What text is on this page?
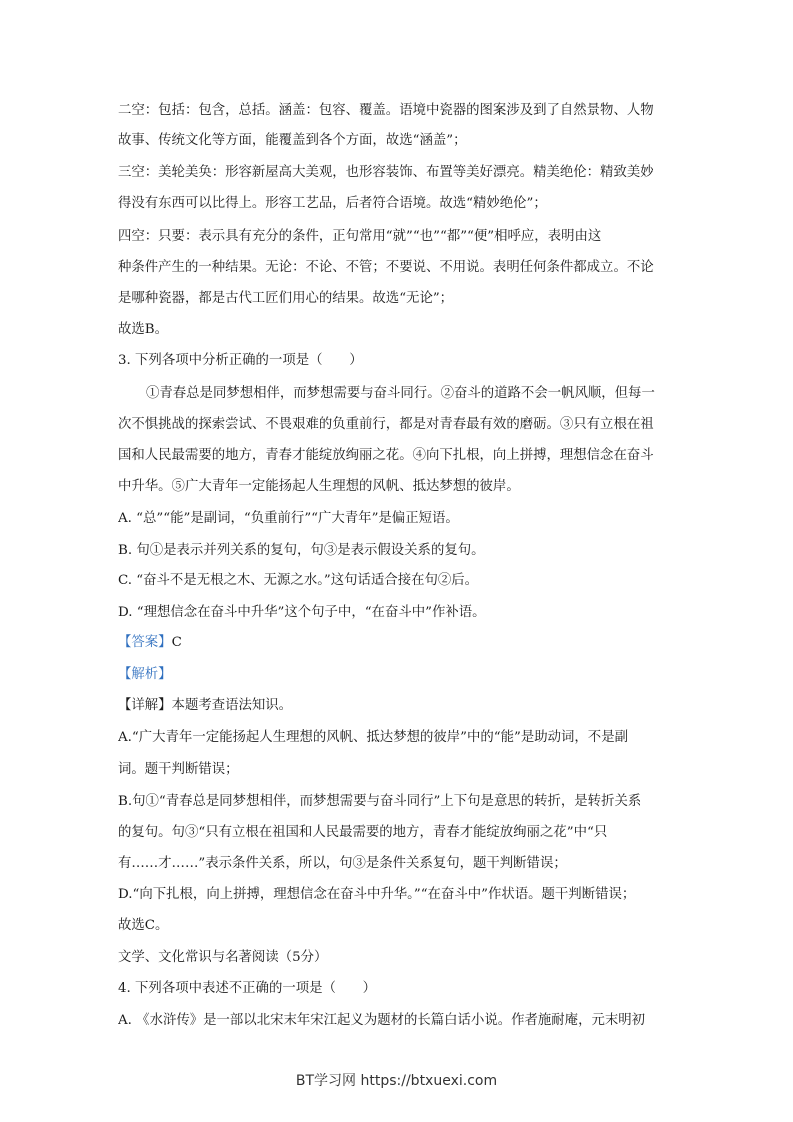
二空：包括：包含，总括。涵盖：包容、覆盖。语境中瓷器的图案涉及到了自然景物、人物
故事、传统文化等方面，能覆盖到各个方面，故选“涵盖”；
三空：美轮美奂：形容新屋高大美观，也形容装饰、布置等美好漂亮。精美绝伦：精致美妙
得没有东西可以比得上。形容工艺品，后者符合语境。故选“精妙绝伦”；
四空：只要：表示具有充分的条件，正句常用“就”“也”“都”“便”相呼应，表明由这
种条件产生的一种结果。无论：不论、不管；不要说、不用说。表明任何条件都成立。不论
是哪种瓷器，都是古代工匠们用心的结果。故选“无论”；
故选B。
3. 下列各项中分析正确的一项是（　　）
①青春总是同梦想相伴，而梦想需要与奋斗同行。②奋斗的道路不会一帆风顺，但每一
次不惧挑战的探索尝试、不畏艰难的负重前行，都是对青春最有效的磨砺。③只有立根在祖
国和人民最需要的地方，青春才能绽放绚丽之花。④向下扎根，向上拼搏，理想信念在奋斗
中升华。⑤广大青年一定能扬起人生理想的风帆、抵达梦想的彼岸。
A. “总”“能”是副词，“负重前行”“广大青年”是偏正短语。
B. 句①是表示并列关系的复句，句③是表示假设关系的复句。
C. “奋斗不是无根之木、无源之水。”这句话适合接在句②后。
D. “理想信念在奋斗中升华”这个句子中，“在奋斗中”作补语。
【答案】C
【解析】
【详解】本题考查语法知识。
A.“广大青年一定能扬起人生理想的风帆、抵达梦想的彼岸”中的“能”是助动词，不是副
词。题干判断错误；
B.句①“青春总是同梦想相伴，而梦想需要与奋斗同行”上下句是意思的转折，是转折关系
的复句。句③“只有立根在祖国和人民最需要的地方，青春才能绽放绚丽之花”中“只
有……才……”表示条件关系，所以，句③是条件关系复句，题干判断错误；
D.“向下扎根，向上拼搏，理想信念在奋斗中升华。”“在奋斗中”作状语。题干判断错误；
故选C。
文学、文化常识与名著阅读（5分）
4. 下列各项中表述不正确的一项是（　　）
A. 《水浒传》是一部以北宋末年宋江起义为题材的长篇白话小说。作者施耐庵，元末明初
BT学习网 https://btxuexi.com
